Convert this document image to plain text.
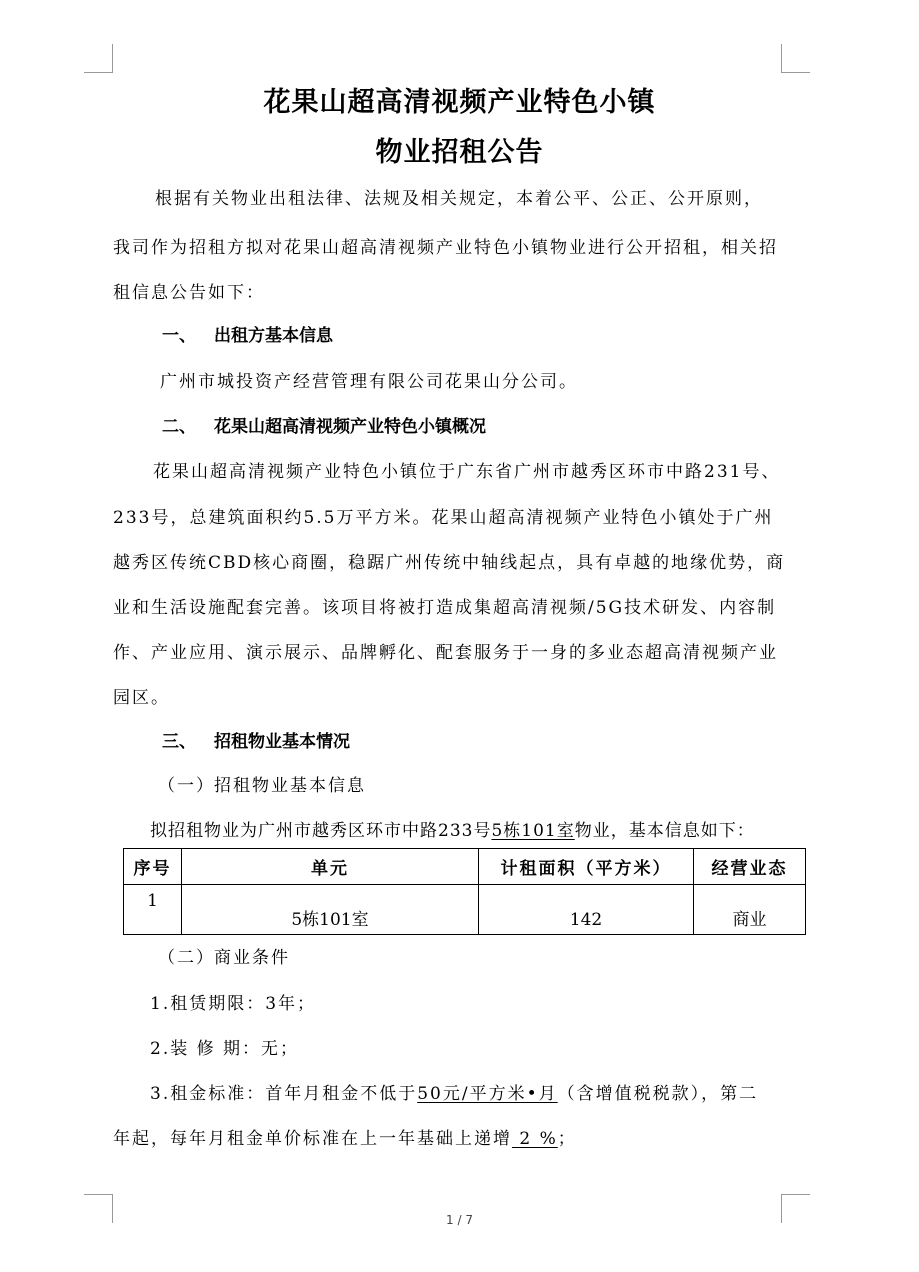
花果山超高清视频产业特色小镇
物业招租公告
根据有关物业出租法律、法规及相关规定，本着公平、公正、公开原则，
我司作为招租方拟对花果山超高清视频产业特色小镇物业进行公开招租，相关招
租信息公告如下：
一、 出租方基本信息
广州市城投资产经营管理有限公司花果山分公司。
二、 花果山超高清视频产业特色小镇概况
花果山超高清视频产业特色小镇位于广东省广州市越秀区环市中路231号、
233号，总建筑面积约5.5万平方米。花果山超高清视频产业特色小镇处于广州
越秀区传统CBD核心商圈，稳踞广州传统中轴线起点，具有卓越的地缘优势，商
业和生活设施配套完善。该项目将被打造成集超高清视频/5G技术研发、内容制
作、产业应用、演示展示、品牌孵化、配套服务于一身的多业态超高清视频产业
园区。
三、 招租物业基本情况
（一）招租物业基本信息
拟招租物业为广州市越秀区环市中路233号5栋101室物业，基本信息如下：
序号	单元	计租面积（平方米）	经营业态
1	5栋101室	142	商业
（二）商业条件
1.租赁期限：3年；
2.装 修 期：无；
3.租金标准：首年月租金不低于50元/平方米•月（含增值税税款），第二
年起，每年月租金单价标准在上一年基础上递增 2 %；
1 / 7
